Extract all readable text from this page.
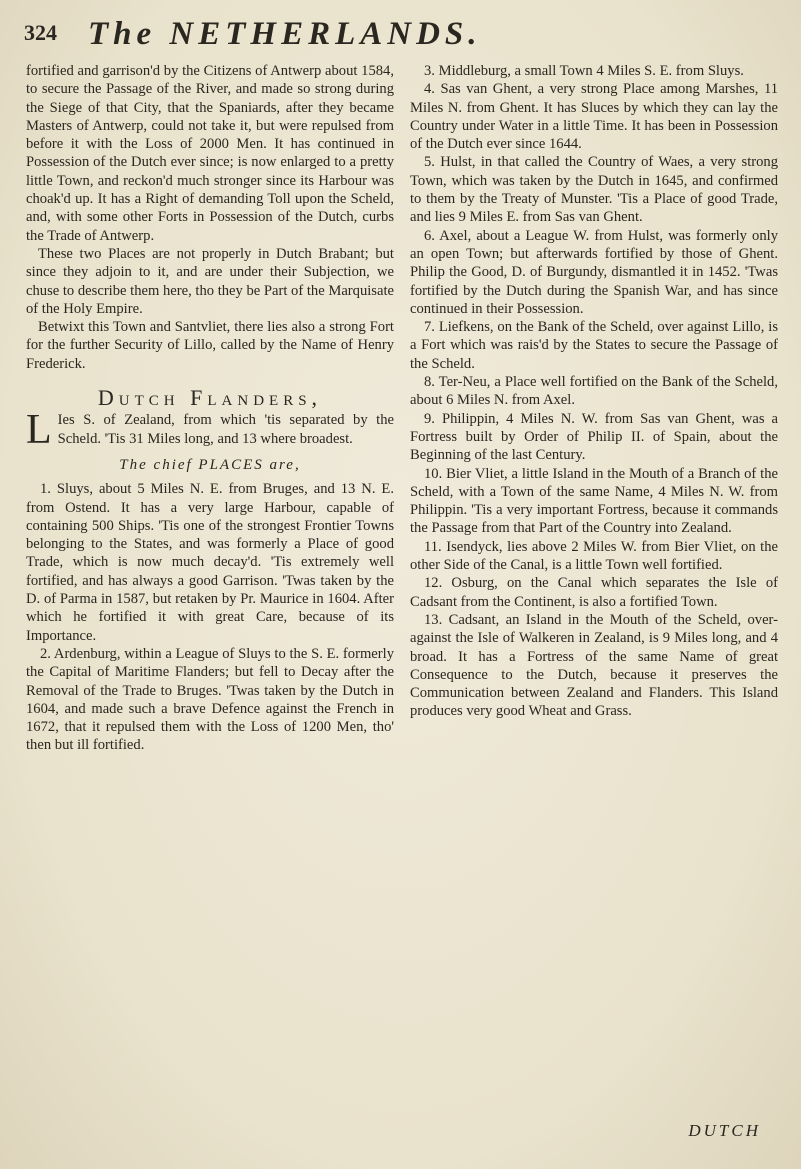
324 The NETHERLANDS.

fortified and garrison'd by the Citizens of Antwerp about 1584, to secure the Passage of the River, and made so strong during the Siege of that City, that the Spaniards, after they became Masters of Antwerp, could not take it, but were repulsed from before it with the Loss of 2000 Men. It has continued in Possession of the Dutch ever since; is now enlarged to a pretty little Town, and reckon'd much stronger since its Harbour was choak'd up. It has a Right of demanding Toll upon the Scheld, and, with some other Forts in Possession of the Dutch, curbs the Trade of Antwerp.

These two Places are not properly in Dutch Brabant; but since they adjoin to it, and are under their Subjection, we chuse to describe them here, tho they be Part of the Marquisate of the Holy Empire.

Betwixt this Town and Santvliet, there lies also a strong Fort for the further Security of Lillo, called by the Name of Henry Frederick.

Dutch Flanders,

L Ies S. of Zealand, from which 'tis separated by the Scheld. 'Tis 31 Miles long, and 13 where broadest.

The chief PLACES are,

1. Sluys, about 5 Miles N. E. from Bruges, and 13 N. E. from Ostend. It has a very large Harbour, capable of containing 500 Ships. 'Tis one of the strongest Frontier Towns belonging to the States, and was formerly a Place of good Trade, which is now much decay'd. 'Tis extremely well fortified, and has always a good Garrison. 'Twas taken by the D. of Parma in 1587, but retaken by Pr. Maurice in 1604. After which he fortified it with great Care, because of its Importance.

2. Ardenburg, within a League of Sluys to the S. E. formerly the Capital of Maritime Flanders; but fell to Decay after the Removal of the Trade to Bruges. 'Twas taken by the Dutch in 1604, and made such a brave Defence against the French in 1672, that it repulsed them with the Loss of 1200 Men, tho' then but ill fortified.

3. Middleburg, a small Town 4 Miles S. E. from Sluys.

4. Sas van Ghent, a very strong Place among Marshes, 11 Miles N. from Ghent. It has Sluces by which they can lay the Country under Water in a little Time. It has been in Possession of the Dutch ever since 1644.

5. Hulst, in that called the Country of Waes, a very strong Town, which was taken by the Dutch in 1645, and confirmed to them by the Treaty of Munster. 'Tis a Place of good Trade, and lies 9 Miles E. from Sas van Ghent.

6. Axel, about a League W. from Hulst, was formerly only an open Town; but afterwards fortified by those of Ghent. Philip the Good, D. of Burgundy, dismantled it in 1452. 'Twas fortified by the Dutch during the Spanish War, and has since continued in their Possession.

7. Liefkens, on the Bank of the Scheld, over against Lillo, is a Fort which was rais'd by the States to secure the Passage of the Scheld.

8. Ter-Neu, a Place well fortified on the Bank of the Scheld, about 6 Miles N. from Axel.

9. Philippin, 4 Miles N. W. from Sas van Ghent, was a Fortress built by Order of Philip II. of Spain, about the Beginning of the last Century.

10. Bier Vliet, a little Island in the Mouth of a Branch of the Scheld, with a Town of the same Name, 4 Miles N. W. from Philippin. 'Tis a very important Fortress, because it commands the Passage from that Part of the Country into Zealand.

11. Isendyck, lies above 2 Miles W. from Bier Vliet, on the other Side of the Canal, is a little Town well fortified.

12. Osburg, on the Canal which separates the Isle of Cadsant from the Continent, is also a fortified Town.

13. Cadsant, an Island in the Mouth of the Scheld, over-against the Isle of Walkeren in Zealand, is 9 Miles long, and 4 broad. It has a Fortress of the same Name of great Consequence to the Dutch, because it preserves the Communication between Zealand and Flanders. This Island produces very good Wheat and Grass.

DUTCH
